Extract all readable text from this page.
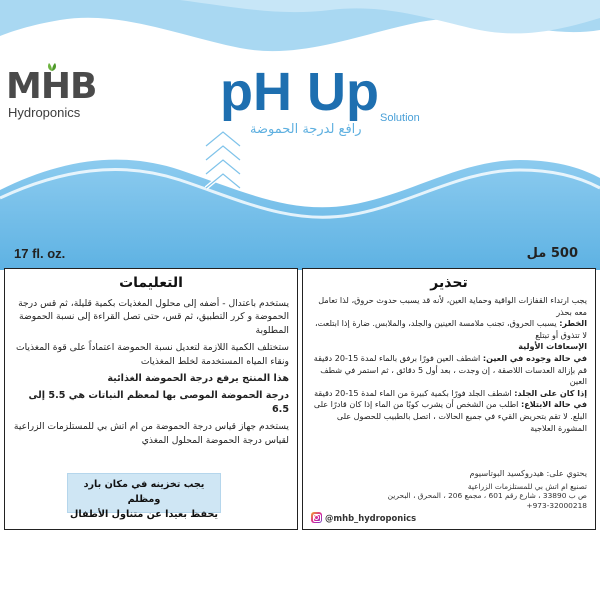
MHB
Hydroponics	pH Up Solution
رافع لدرجة الحموضة
17 fl. oz.	500 مل
التعليمات

يستخدم باعتدال - أضفه إلى محلول المغذيات بكمية قليلة، ثم قس درجة الحموضة و كرر التطبيق، ثم قس، حتى تصل القراءة إلى نسبة الحموضة المطلوبة

ستختلف الكمية اللازمة لتعديل نسبة الحموضة اعتماداً على قوة المغذيات ونقاء المياه المستخدمة لخلط المغذيات

هذا المنتج يرفع درجة الحموضة الغذائية

درجة الحموضة الموصى بها لمعظم النباتات هي 5.5 إلى 6.5

يستخدم جهاز قياس درجة الحموضة من ام اتش بي للمستلزمات الزراعية لقياس درجة الحموضة المحلول المغذي

يجب تخزينه في مكان بارد ومظلم
يحفظ بعيدا عن متناول الأطفال
تحذير

يجب ارتداء القفازات الواقية وحماية العين، لأنه قد يسبب حدوث حروق، لذا تعامل معه بحذر

الخطر: يسبب الحروق، تجنب ملامسة العينين والجلد، والملابس. ضارة إذا ابتلعت، لا تتذوق أو تبتلع

الإسعافات الأولية

في حالة وجوده في العين: اشطف العين فورًا برفق بالماء لمدة 15-20 دقيقة قم بإزالة العدسات اللاصقة ، إن وجدت ، بعد أول 5 دقائق ، ثم استمر في شطف العين

إذا كان على الجلد: اشطف الجلد فورًا بكمية كبيرة من الماء لمدة 15-20 دقيقة

في حالة الابتلاع: اطلب من الشخص أن يشرب كوبًا من الماء إذا كان قادرًا على البلع. لا تقم بتحريض القيء في جميع الحالات ، اتصل بالطبيب للحصول على المشورة العلاجية

يحتوي على: هيدروكسيد البوتاسيوم
تصنيع ام اتش بي للمستلزمات الزراعية
ص ب 33890 ، شارع رقم 601 ، مجمع 206 ، المحرق ، البحرين
+973-32000218
@mhb_hydroponics
